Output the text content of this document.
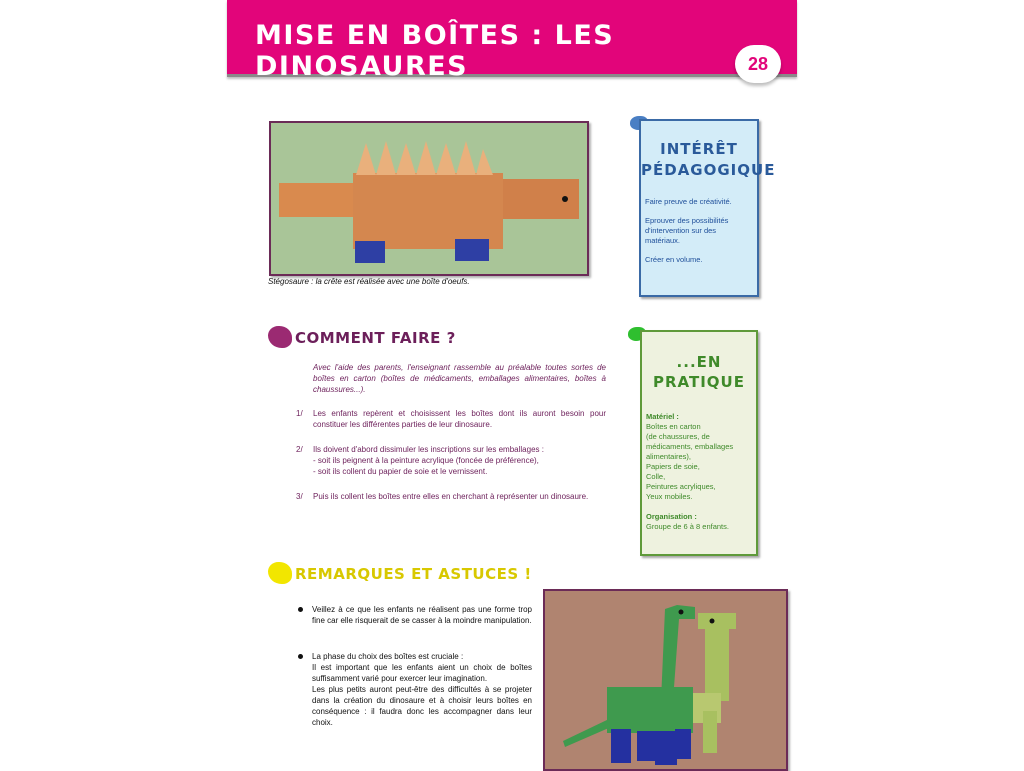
MISE EN BOÎTES : LES DINOSAURES	28
Stégosaure : la crête est réalisée avec une boîte d'oeufs.
INTÉRÊT
PÉDAGOGIQUE

Faire preuve de créativité.

Eprouver des possibilités d'intervention sur des matériaux.

Créer en volume.

...EN
PRATIQUE
Matériel :
Boîtes en carton
(de chaussures, de médicaments, emballages alimentaires),
Papiers de soie,
Colle,
Peintures acryliques,
Yeux mobiles.
Organisation :
Groupe de 6 à 8 enfants.
COMMENT FAIRE ?
Avec l'aide des parents, l'enseignant rassemble au préalable toutes sortes de boîtes en carton (boîtes de médicaments, emballages alimentaires, boîtes à chaussures...).
1/ Les enfants repèrent et choisissent les boîtes dont ils auront besoin pour constituer les différentes parties de leur dinosaure.
2/ Ils doivent d'abord dissimuler les inscriptions sur les emballages :
- soit ils peignent à la peinture acrylique (foncée de préférence),
- soit ils collent du papier de soie et le vernissent.
3/ Puis ils collent les boîtes entre elles en cherchant à représenter un dinosaure.
REMARQUES ET ASTUCES !
Veillez à ce que les enfants ne réalisent pas une forme trop fine car elle risquerait de se casser à la moindre manipulation.
La phase du choix des boîtes est cruciale :
Il est important que les enfants aient un choix de boîtes suffisamment varié pour exercer leur imagination.
Les plus petits auront peut-être des difficultés à se projeter dans la création du dinosaure et à choisir leurs boîtes en conséquence : il faudra donc les accompagner dans leur choix.
